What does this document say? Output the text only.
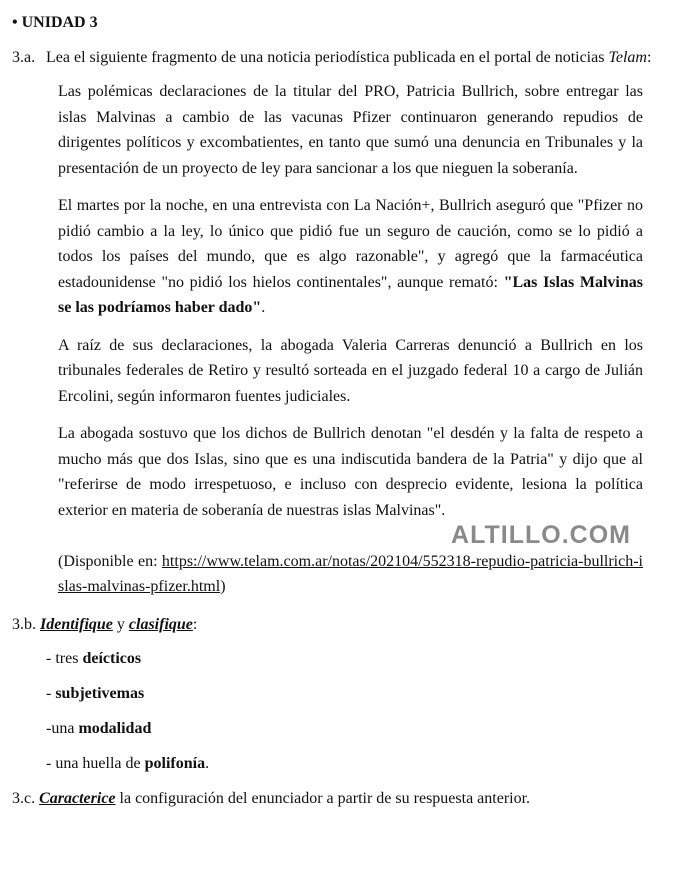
• UNIDAD 3
3.a. Lea el siguiente fragmento de una noticia periodística publicada en el portal de noticias Telam:

Las polémicas declaraciones de la titular del PRO, Patricia Bullrich, sobre entregar las islas Malvinas a cambio de las vacunas Pfizer continuaron generando repudios de dirigentes políticos y excombatientes, en tanto que sumó una denuncia en Tribunales y la presentación de un proyecto de ley para sancionar a los que nieguen la soberanía.

El martes por la noche, en una entrevista con La Nación+, Bullrich aseguró que "Pfizer no pidió cambio a la ley, lo único que pidió fue un seguro de caución, como se lo pidió a todos los países del mundo, que es algo razonable", y agregó que la farmacéutica estadounidense "no pidió los hielos continentales", aunque remató: "Las Islas Malvinas se las podríamos haber dado".

A raíz de sus declaraciones, la abogada Valeria Carreras denunció a Bullrich en los tribunales federales de Retiro y resultó sorteada en el juzgado federal 10 a cargo de Julián Ercolini, según informaron fuentes judiciales.

La abogada sostuvo que los dichos de Bullrich denotan "el desdén y la falta de respeto a mucho más que dos Islas, sino que es una indiscutida bandera de la Patria" y dijo que al "referirse de modo irrespetuoso, e incluso con desprecio evidente, lesiona la política exterior en materia de soberanía de nuestras islas Malvinas".
ALTILLO.COM

(Disponible en: https://www.telam.com.ar/notas/202104/552318-repudio-patricia-bullrich-islas-malvinas-pfizer.html)

3.b. Identifique y clasifique:
- tres deícticos
- subjetivemas
-una modalidad
- una huella de polifonía.
3.c. Caracterice la configuración del enunciador a partir de su respuesta anterior.
